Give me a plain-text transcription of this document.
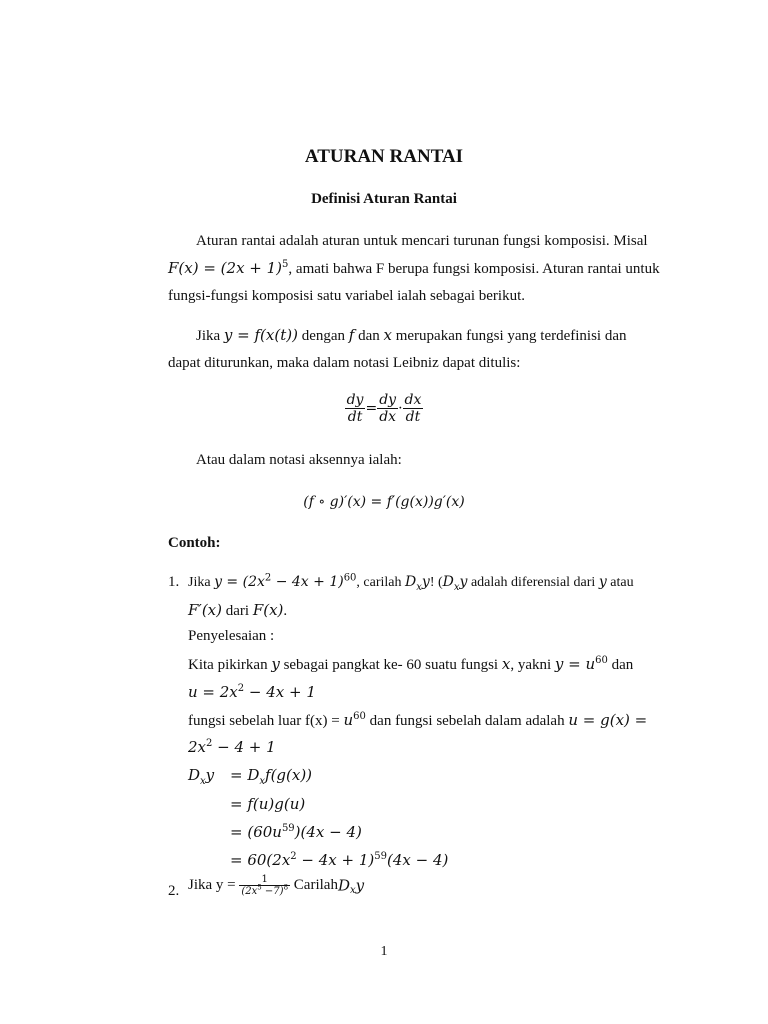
ATURAN RANTAI
Definisi Aturan Rantai
Aturan rantai adalah aturan untuk mencari turunan fungsi komposisi. Misal
$F(x) = (2x + 1)^5$, amati bahwa F berupa fungsi komposisi. Aturan rantai untuk
fungsi-fungsi komposisi satu variabel ialah sebagai berikut.
Jika y = f(x(t)) dengan f dan x merupakan fungsi yang terdefinisi dan
dapat diturunkan, maka dalam notasi Leibniz dapat ditulis:
$\frac{dy}{dt} = \frac{dy}{dx} \cdot \frac{dx}{dt}$
Atau dalam notasi aksennya ialah:
(f ∘ g)′(x) = f′(g(x))g′(x)
Contoh:
1. Jika $y = (2x^2 - 4x + 1)^{60}$, carilah $D_xy$! ($D_xy$ adalah diferensial dari y atau
F′(x) dari F(x).
Penyelesaian :
Kita pikirkan y sebagai pangkat ke- 60 suatu fungsi x, yakni $y = u^{60}$ dan
$u = 2x^2 - 4x + 1$
fungsi sebelah luar $f(x) = u^{60}$ dan fungsi sebelah dalam adalah u = g(x) =
$2x^2 - 4 + 1$
$D_xy = D_xf(g(x))$
= f(u)g(u)
= $(60u^{59})(4x - 4)$
= $60(2x^2 - 4x + 1)^{59}(4x - 4)$
2. Jika $y = \frac{1}{(2x^5 -7)^8}$ CarilahD$_x$y
1
